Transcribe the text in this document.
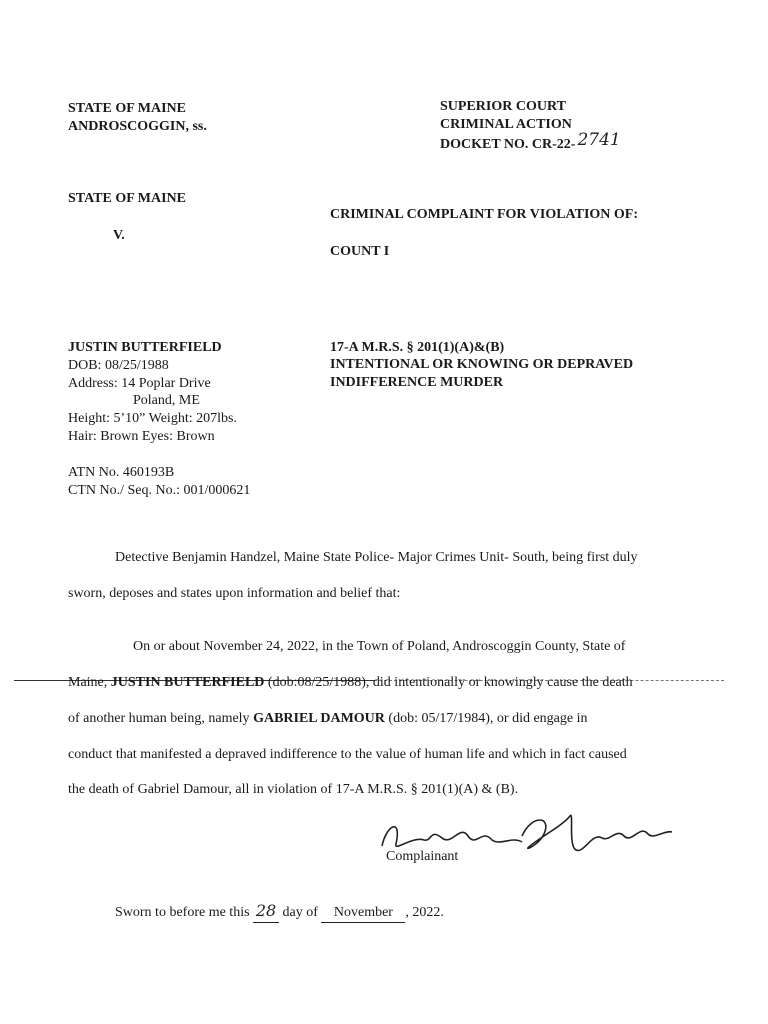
STATE OF MAINE
ANDROSCOGGIN, ss.
SUPERIOR COURT
CRIMINAL ACTION
DOCKET NO. CR-22- 2741
STATE OF MAINE
V.
CRIMINAL COMPLAINT FOR VIOLATION OF:
COUNT I
JUSTIN BUTTERFIELD
DOB: 08/25/1988
Address: 14 Poplar Drive
Poland, ME
Height: 5’10” Weight: 207lbs.
Hair: Brown Eyes: Brown
ATN No. 460193B
CTN No./ Seq. No.: 001/000621
17-A M.R.S. § 201(1)(A)&(B)
INTENTIONAL OR KNOWING OR DEPRAVED
INDIFFERENCE MURDER
Detective Benjamin Handzel, Maine State Police- Major Crimes Unit- South, being first duly
sworn, deposes and states upon information and belief that:
On or about November 24, 2022, in the Town of Poland, Androscoggin County, State of
Maine, JUSTIN BUTTERFIELD (dob:08/25/1988), did intentionally or knowingly cause the death
of another human being, namely GABRIEL DAMOUR (dob: 05/17/1984), or did engage in
conduct that manifested a depraved indifference to the value of human life and which in fact caused
the death of Gabriel Damour, all in violation of 17-A M.R.S. § 201(1)(A) & (B).
Complainant
Sworn to before me this 28 day of November , 2022.
